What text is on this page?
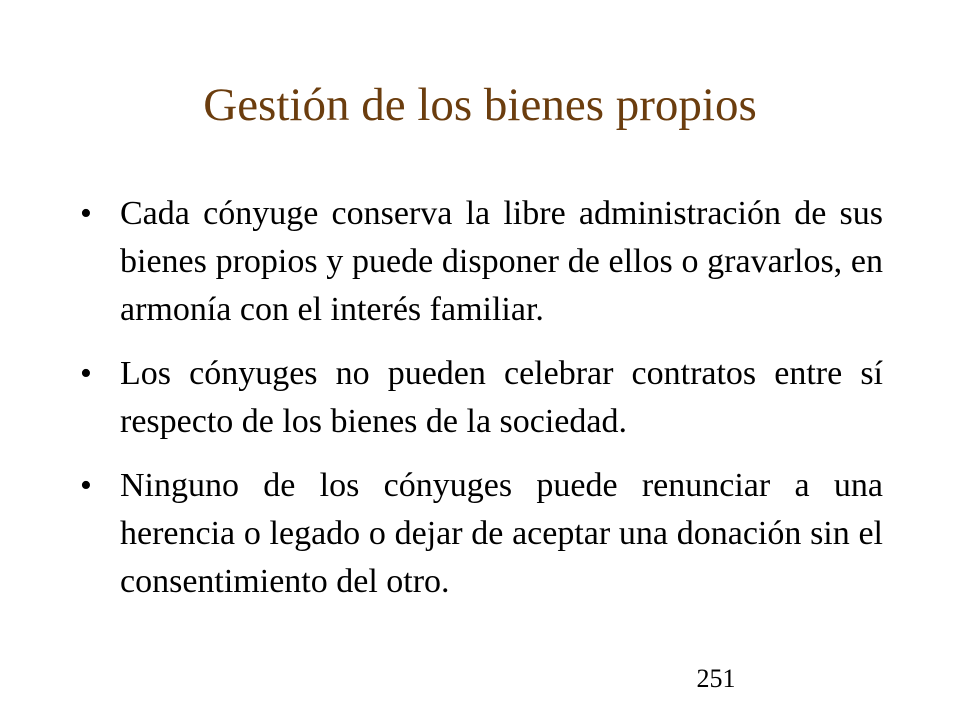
Gestión de los bienes propios
• Cada cónyuge conserva la libre administración de sus bienes propios y puede disponer de ellos o gravarlos, en armonía con el interés familiar.
• Los cónyuges no pueden celebrar contratos entre sí respecto de los bienes de la sociedad.
• Ninguno de los cónyuges puede renunciar a una herencia o legado o dejar de aceptar una donación sin el consentimiento del otro.
251
